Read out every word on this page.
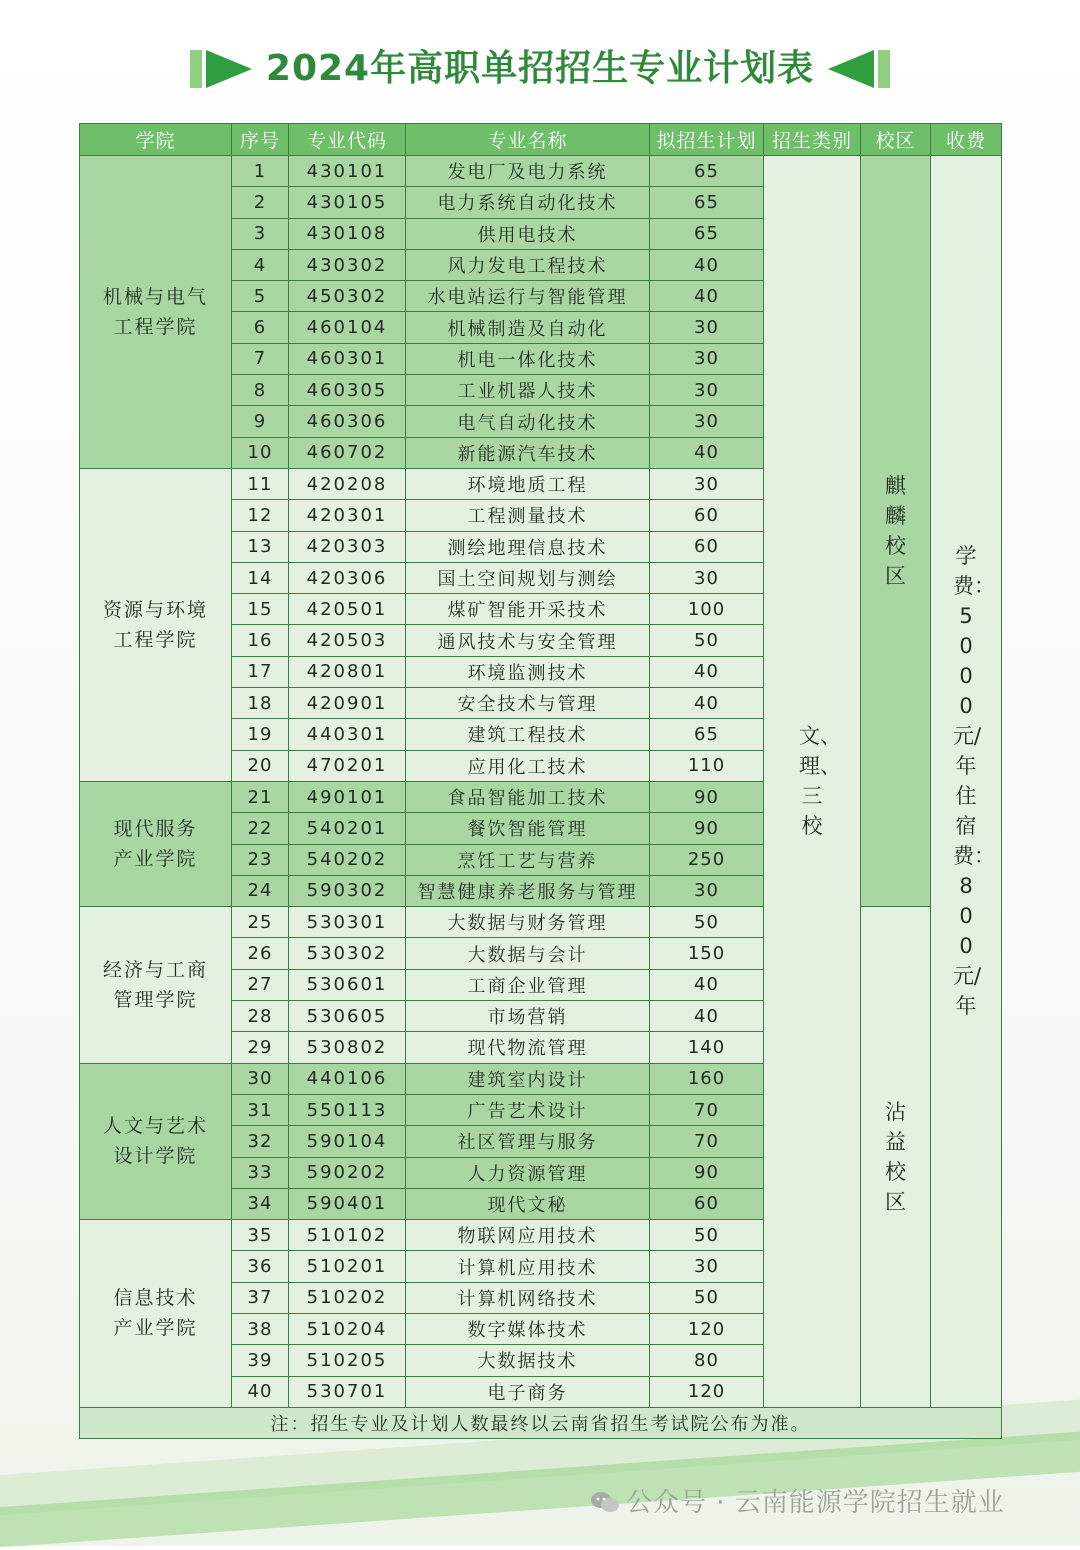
2024年高职单招招生专业计划表
学院	序号	专业代码	专业名称	拟招生计划	招生类别	校区	收费

机械与电气
工程学院	1	430101	发电厂及电力系统	65	文、理、三校	麒麟校区	学费：5000元/年 住宿费：800元/年
	2	430105	电力系统自动化技术	65			
	3	430108	供用电技术	65			
	4	430302	风力发电工程技术	40			
	5	450302	水电站运行与智能管理	40			
	6	460104	机械制造及自动化	30			
	7	460301	机电一体化技术	30			
	8	460305	工业机器人技术	30			
	9	460306	电气自动化技术	30			
	10	460702	新能源汽车技术	40			

资源与环境
工程学院	11	420208	环境地质工程	30			
	12	420301	工程测量技术	60			
	13	420303	测绘地理信息技术	60			
	14	420306	国土空间规划与测绘	30			
	15	420501	煤矿智能开采技术	100			
	16	420503	通风技术与安全管理	50			
	17	420801	环境监测技术	40			
	18	420901	安全技术与管理	40			
	19	440301	建筑工程技术	65			
	20	470201	应用化工技术	110			

现代服务
产业学院	21	490101	食品智能加工技术	90			
	22	540201	餐饮智能管理	90			
	23	540202	烹饪工艺与营养	250			
	24	590302	智慧健康养老服务与管理	30			

经济与工商
管理学院	25	530301	大数据与财务管理	50		沾益校区	
	26	530302	大数据与会计	150			
	27	530601	工商企业管理	40			
	28	530605	市场营销	40			
	29	530802	现代物流管理	140			

人文与艺术
设计学院	30	440106	建筑室内设计	160			
	31	550113	广告艺术设计	70			
	32	590104	社区管理与服务	70			
	33	590202	人力资源管理	90			
	34	590401	现代文秘	60			

信息技术
产业学院	35	510102	物联网应用技术	50			
	36	510201	计算机应用技术	30			
	37	510202	计算机网络技术	50			
	38	510204	数字媒体技术	120			
	39	510205	大数据技术	80			
	40	530701	电子商务	120			
注：招生专业及计划人数最终以云南省招生考试院公布为准。							
公众号 · 云南能源学院招生就业
